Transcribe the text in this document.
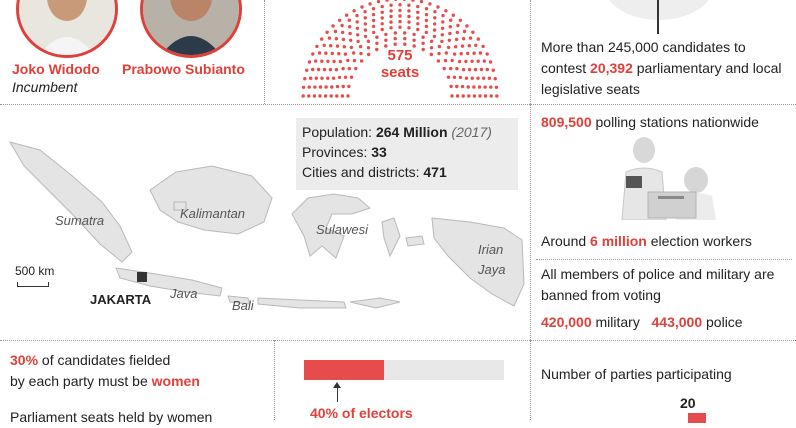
Joko Widodo
Incumbent
Prabowo Subianto
575
seats
More than 245,000 candidates to contest 20,392 parliamentary and local legislative seats
Sumatra	Kalimantan
Sulawesi
Irian Jaya
Java
Bali
JAKARTA
500 km
Population: 264 Million (2017)
Provinces: 33
Cities and districts: 471
809,500 polling stations nationwide
Around 6 million election workers
All members of police and military are banned from voting
420,000 military 443,000 police
30% of candidates fielded
by each party must be women
Parliament seats held by women	40% of electors
Number of parties participating
20
